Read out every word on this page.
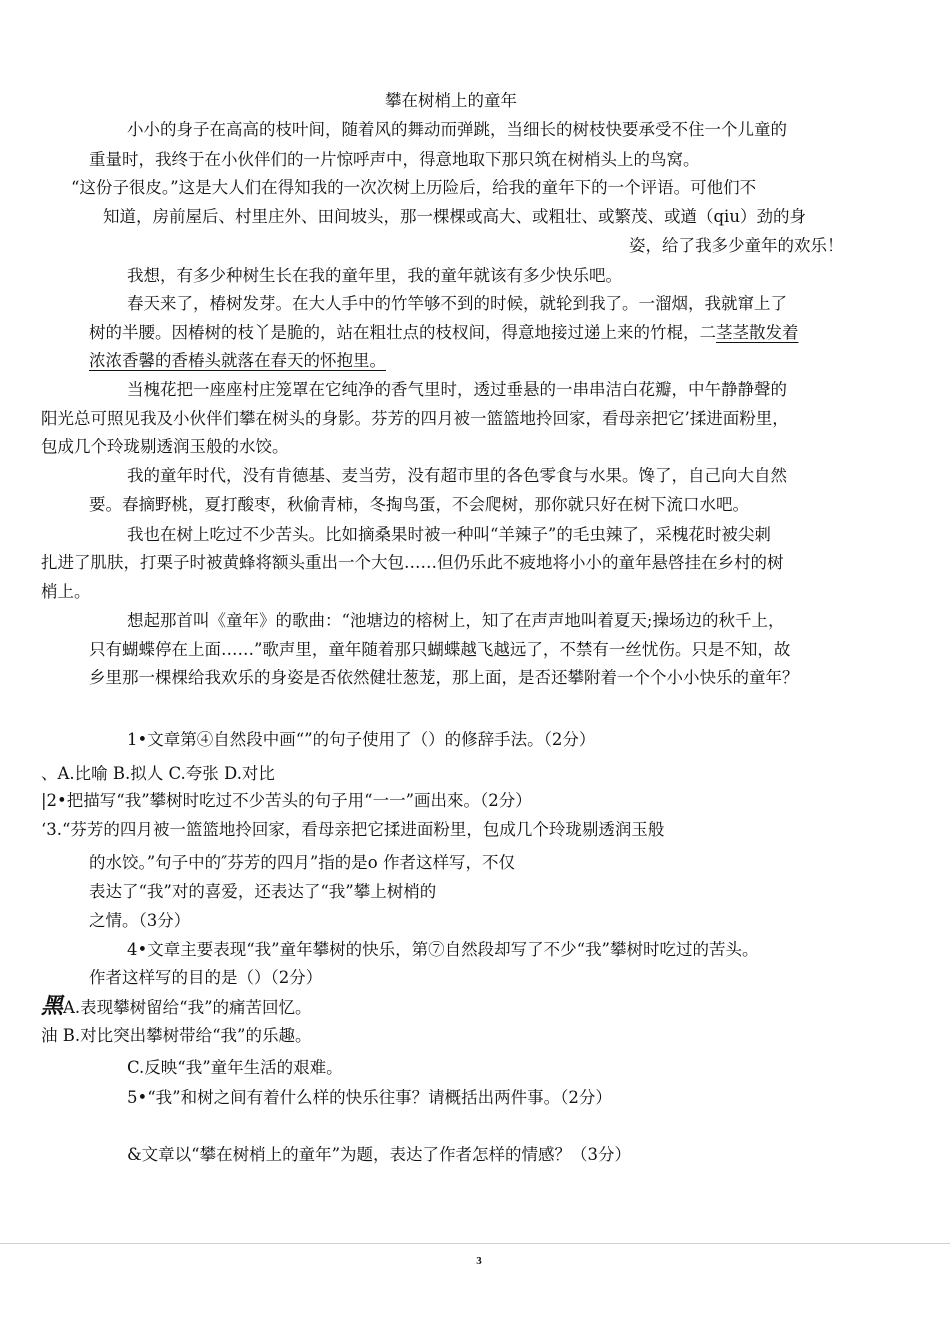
攀在树梢上的童年
小小的身子在高高的枝叶间，随着风的舞动而弹跳，当细长的树枝快要承受不住一个儿童的
重量时，我终于在小伙伴们的一片惊呼声中，得意地取下那只筑在树梢头上的鸟窝。
“这份子很皮。”这是大人们在得知我的一次次树上历险后，给我的童年下的一个评语。可他们不
知道，房前屋后、村里庄外、田间坡头，那一棵棵或高大、或粗壮、或繁茂、或遒（qiu）劲的身
姿，给了我多少童年的欢乐！
我想，有多少种树生长在我的童年里，我的童年就该有多少快乐吧。
春天来了，椿树发芽。在大人手中的竹竿够不到的时候，就轮到我了。一溜烟，我就窜上了
树的半腰。因椿树的枝丫是脆的，站在粗壮点的枝杈间，得意地接过递上来的竹棍，二茎茎散发着
浓浓香馨的香椿头就落在春天的怀抱里。
当槐花把一座座村庄笼罩在它纯净的香气里时，透过垂悬的一串串洁白花瓣，中午静静聲的
阳光总可照见我及小伙伴们攀在树头的身影。芬芳的四月被一篮篮地拎回家，看母亲把它’揉进面粉里，
包成几个玲珑剔透润玉般的水饺。
我的童年时代，没有肯德基、麦当劳，没有超市里的各色零食与水果。馋了，自己向大自然
要。春摘野桃，夏打酸枣，秋偷青柿，冬掏鸟蛋，不会爬树，那你就只好在树下流口水吧。
我也在树上吃过不少苦头。比如摘桑果时被一种叫“羊辣子”的毛虫辣了，采槐花时被尖刺
扎进了肌肤，打栗子时被黄蜂将额头重出一个大包……但仍乐此不疲地将小小的童年悬啓挂在乡村的树
梢上。
想起那首叫《童年》的歌曲：“池塘边的榕树上，知了在声声地叫着夏天;操场边的秋千上，
只有蝴蝶停在上面……”歌声里，童年随着那只蝴蝶越飞越远了，不禁有一丝忧伤。只是不知，故
乡里那一棵棵给我欢乐的身姿是否依然健壮葱茏，那上面，是否还攀附着一个个小小快乐的童年？
1•文章第④自然段中画“”的句子使用了（）的修辞手法。（2分）
、A.比喻 B.拟人 C.夸张 D.对比
|2•把描写“我”攀树时吃过不少苦头的句子用“一一”画出來。（2分）
‘3.“芬芳的四月被一篮篮地拎回家，看母亲把它揉进面粉里，包成几个玲珑剔透润玉般
的水饺。”句子中的″芬芳的四月”指的是o 作者这样写，不仅
表达了“我”对的喜爱，还表达了“我”攀上树梢的
之情。（3分）
4•文章主要表现“我”童年攀树的快乐，第⑦自然段却写了不少“我”攀树时吃过的苦头。
作者这样写的目的是（）（2分）
黑A.表现攀树留给“我”的痛苦回忆。
油 B.对比突出攀树带给“我”的乐趣。
C.反映“我”童年生活的艰难。
5•“我”和树之间有着什么样的快乐往事？请概括出两件事。（2分）
&文章以“攀在树梢上的童年”为题，表达了作者怎样的情感？（3分）
3
